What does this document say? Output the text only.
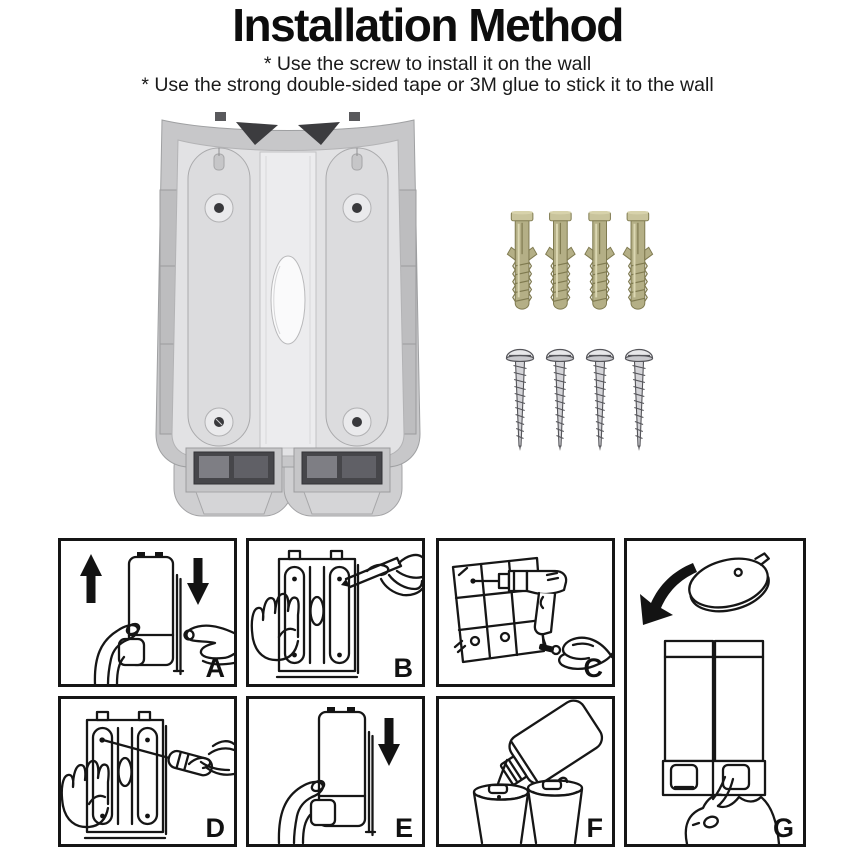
Installation Method
* Use the screw to install it on the wall
* Use the strong double-sided tape or 3M glue to stick it to the wall
A	B	C
D	E	F	G
